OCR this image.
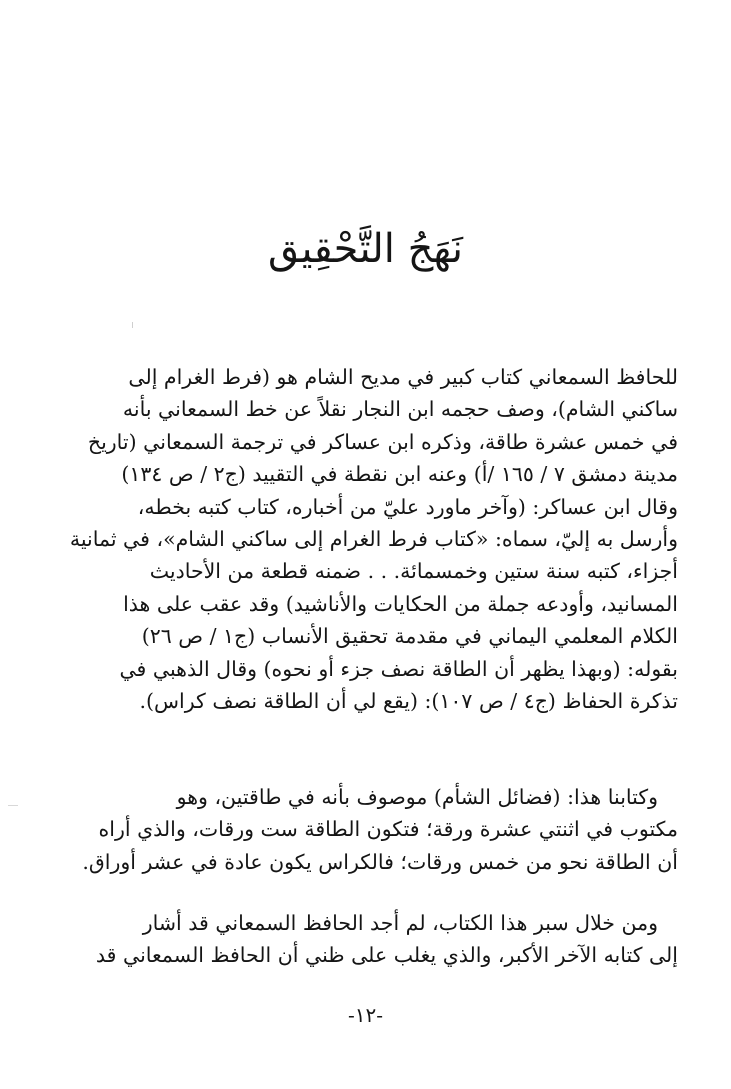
نَهَجُ التَّحْقِيق
للحافظ السمعاني كتاب كبير في مديح الشام هو (فرط الغرام إلى
ساكني الشام)، وصف حجمه ابن النجار نقلاً عن خط السمعاني بأنه
في خمس عشرة طاقة، وذكره ابن عساكر في ترجمة السمعاني (تاريخ
مدينة دمشق ٧ / ١٦٥ /أ) وعنه ابن نقطة في التقييد (ج٢ / ص ١٣٤)
وقال ابن عساكر: (وآخر ماورد عليّ من أخباره، كتاب كتبه بخطه،
وأرسل به إليّ، سماه: «كتاب فرط الغرام إلى ساكني الشام»، في ثمانية
أجزاء، كتبه سنة ستين وخمسمائة. . . ضمنه قطعة من الأحاديث
المسانيد، وأودعه جملة من الحكايات والأناشيد) وقد عقب على هذا
الكلام المعلمي اليماني في مقدمة تحقيق الأنساب (ج١ / ص ٢٦)
بقوله: (وبهذا يظهر أن الطاقة نصف جزء أو نحوه) وقال الذهبي في
تذكرة الحفاظ (ج٤ / ص ١٠٧): (يقع لي أن الطاقة نصف كراس).
وكتابنا هذا: (فضائل الشأم) موصوف بأنه في طاقتين، وهو
مكتوب في اثنتي عشرة ورقة؛ فتكون الطاقة ست ورقات، والذي أراه
أن الطاقة نحو من خمس ورقات؛ فالكراس يكون عادة في عشر أوراق.
ومن خلال سبر هذا الكتاب، لم أجد الحافظ السمعاني قد أشار
إلى كتابه الآخر الأكبر، والذي يغلب على ظني أن الحافظ السمعاني قد
-١٢-
